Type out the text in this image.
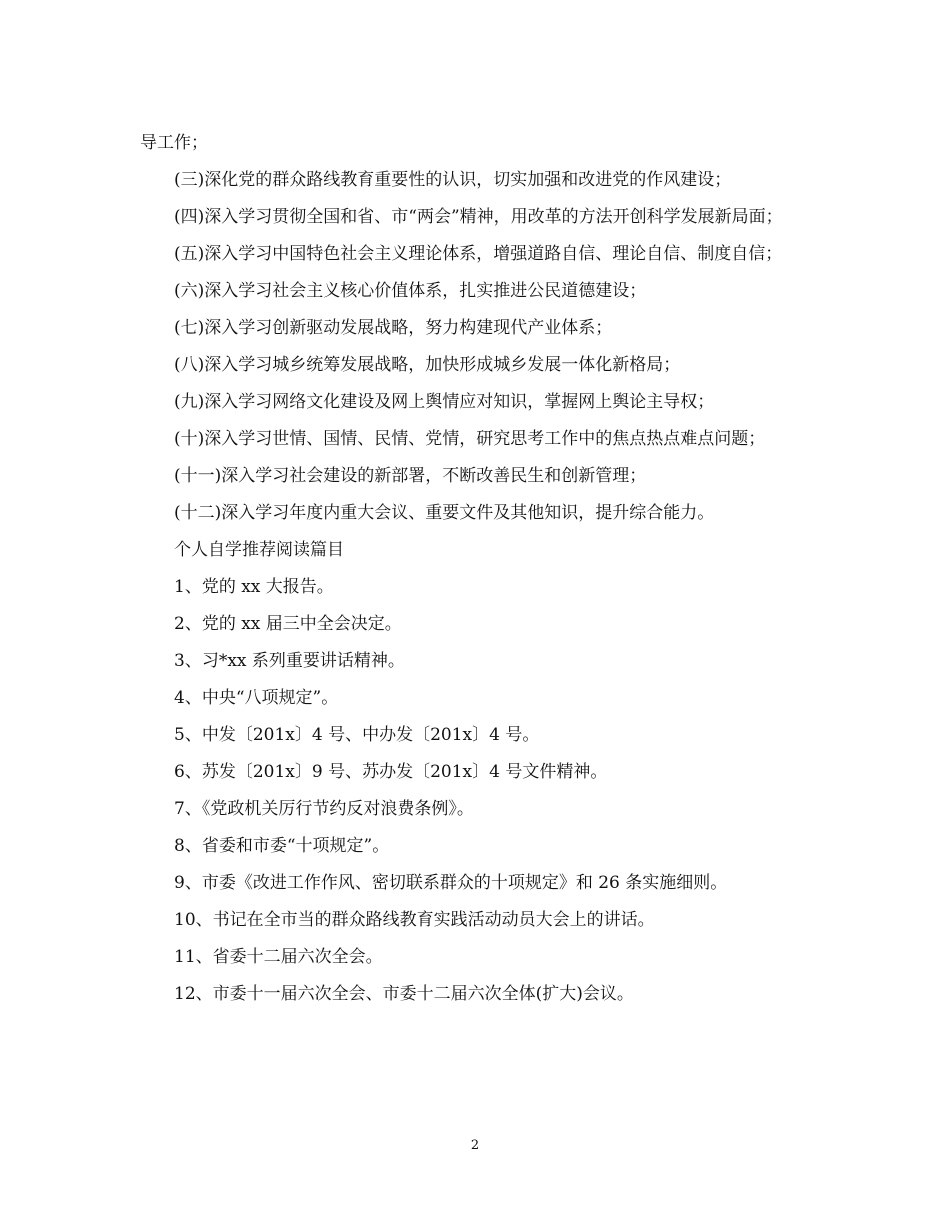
导工作；

(三)深化党的群众路线教育重要性的认识，切实加强和改进党的作风建设；

(四)深入学习贯彻全国和省、市“两会”精神，用改革的方法开创科学发展新局面；

(五)深入学习中国特色社会主义理论体系，增强道路自信、理论自信、制度自信；

(六)深入学习社会主义核心价值体系，扎实推进公民道德建设；

(七)深入学习创新驱动发展战略，努力构建现代产业体系；

(八)深入学习城乡统筹发展战略，加快形成城乡发展一体化新格局；

(九)深入学习网络文化建设及网上舆情应对知识，掌握网上舆论主导权；

(十)深入学习世情、国情、民情、党情，研究思考工作中的焦点热点难点问题；

(十一)深入学习社会建设的新部署，不断改善民生和创新管理；

(十二)深入学习年度内重大会议、重要文件及其他知识，提升综合能力。

个人自学推荐阅读篇目

1、党的 xx 大报告。

2、党的 xx 届三中全会决定。

3、习*xx 系列重要讲话精神。

4、中央“八项规定”。

5、中发〔201x〕4 号、中办发〔201x〕4 号。

6、苏发〔201x〕9 号、苏办发〔201x〕4 号文件精神。

7、《党政机关厉行节约反对浪费条例》。

8、省委和市委“十项规定”。

9、市委《改进工作作风、密切联系群众的十项规定》和 26 条实施细则。

10、书记在全市当的群众路线教育实践活动动员大会上的讲话。

11、省委十二届六次全会。

12、市委十一届六次全会、市委十二届六次全体(扩大)会议。

2
